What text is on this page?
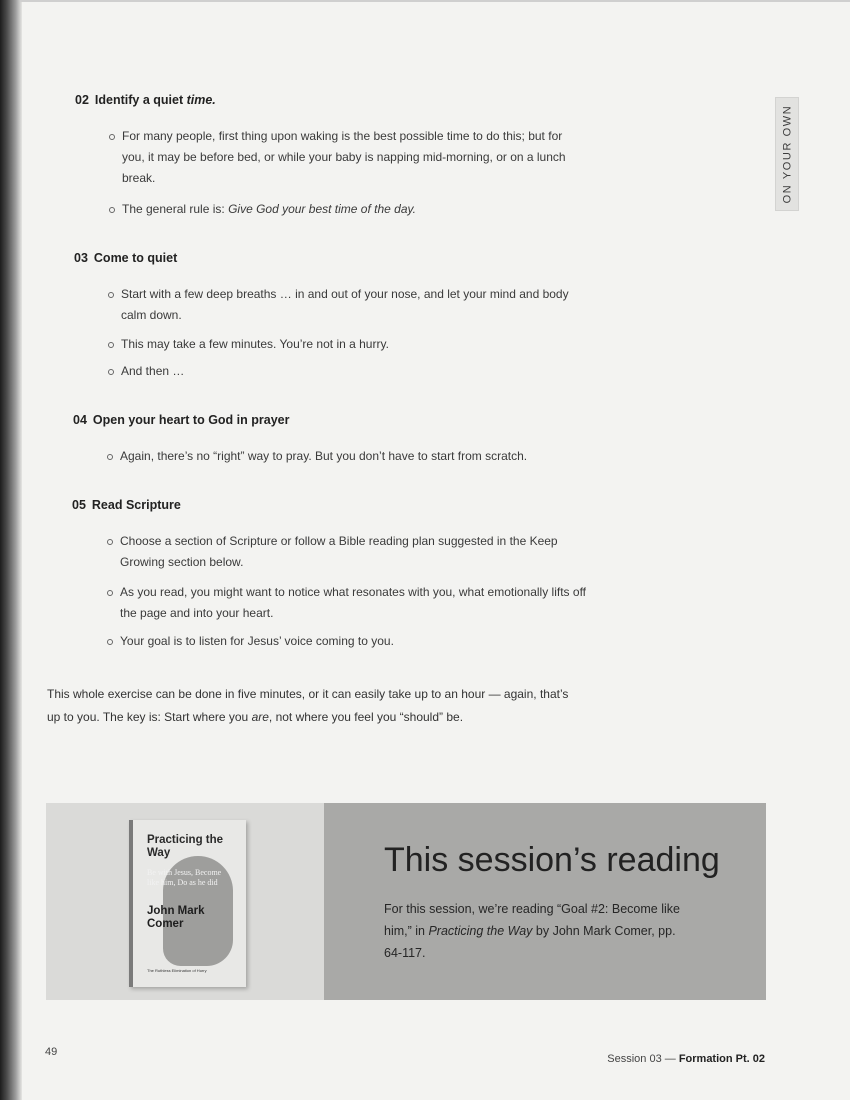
ON YOUR OWN
02 Identify a quiet time.
For many people, first thing upon waking is the best possible time to do this; but for you, it may be before bed, or while your baby is napping mid-morning, or on a lunch break.
The general rule is: Give God your best time of the day.
03 Come to quiet
Start with a few deep breaths … in and out of your nose, and let your mind and body calm down.
This may take a few minutes. You’re not in a hurry.
And then …
04 Open your heart to God in prayer
Again, there’s no “right” way to pray. But you don’t have to start from scratch.
05 Read Scripture
Choose a section of Scripture or follow a Bible reading plan suggested in the Keep Growing section below.
As you read, you might want to notice what resonates with you, what emotionally lifts off the page and into your heart.
Your goal is to listen for Jesus’ voice coming to you.
This whole exercise can be done in five minutes, or it can easily take up to an hour — again, that’s up to you. The key is: Start where you are, not where you feel you “should” be.
Practicing the Way
Be with Jesus, Become like him, Do as he did
John Mark Comer
The Ruthless Elimination of Hurry
This session’s reading
For this session, we’re reading “Goal #2: Become like him,” in Practicing the Way by John Mark Comer, pp. 64-117.
49
Session 03 — Formation Pt. 02
